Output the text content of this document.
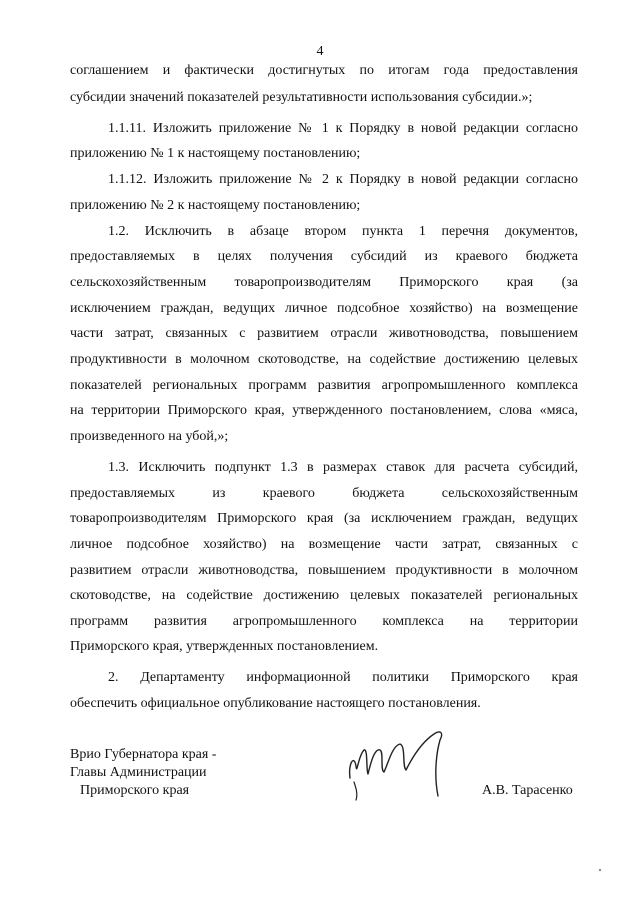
4
соглашением и фактически достигнутых по итогам года предоставления
субсидии значений показателей результативности использования субсидии.»;
1.1.11. Изложить приложение № 1 к Порядку в новой редакции согласно
приложению № 1 к настоящему постановлению;
1.1.12. Изложить приложение № 2 к Порядку в новой редакции согласно
приложению № 2 к настоящему постановлению;
1.2. Исключить в абзаце втором пункта 1 перечня документов,
предоставляемых в целях получения субсидий из краевого бюджета
сельскохозяйственным товаропроизводителям Приморского края (за
исключением граждан, ведущих личное подсобное хозяйство) на возмещение
части затрат, связанных с развитием отрасли животноводства, повышением
продуктивности в молочном скотоводстве, на содействие достижению целевых
показателей региональных программ развития агропромышленного комплекса
на территории Приморского края, утвержденного постановлением, слова «мяса,
произведенного на убой,»;
1.3. Исключить подпункт 1.3 в размерах ставок для расчета субсидий,
предоставляемых из краевого бюджета сельскохозяйственным
товаропроизводителям Приморского края (за исключением граждан, ведущих
личное подсобное хозяйство) на возмещение части затрат, связанных с
развитием отрасли животноводства, повышением продуктивности в молочном
скотоводстве, на содействие достижению целевых показателей региональных
программ развития агропромышленного комплекса на территории
Приморского края, утвержденных постановлением.
2. Департаменту информационной политики Приморского края
обеспечить официальное опубликование настоящего постановления.
Врио Губернатора края -
Главы Администрации
Приморского края	А.В. Тарасенко
